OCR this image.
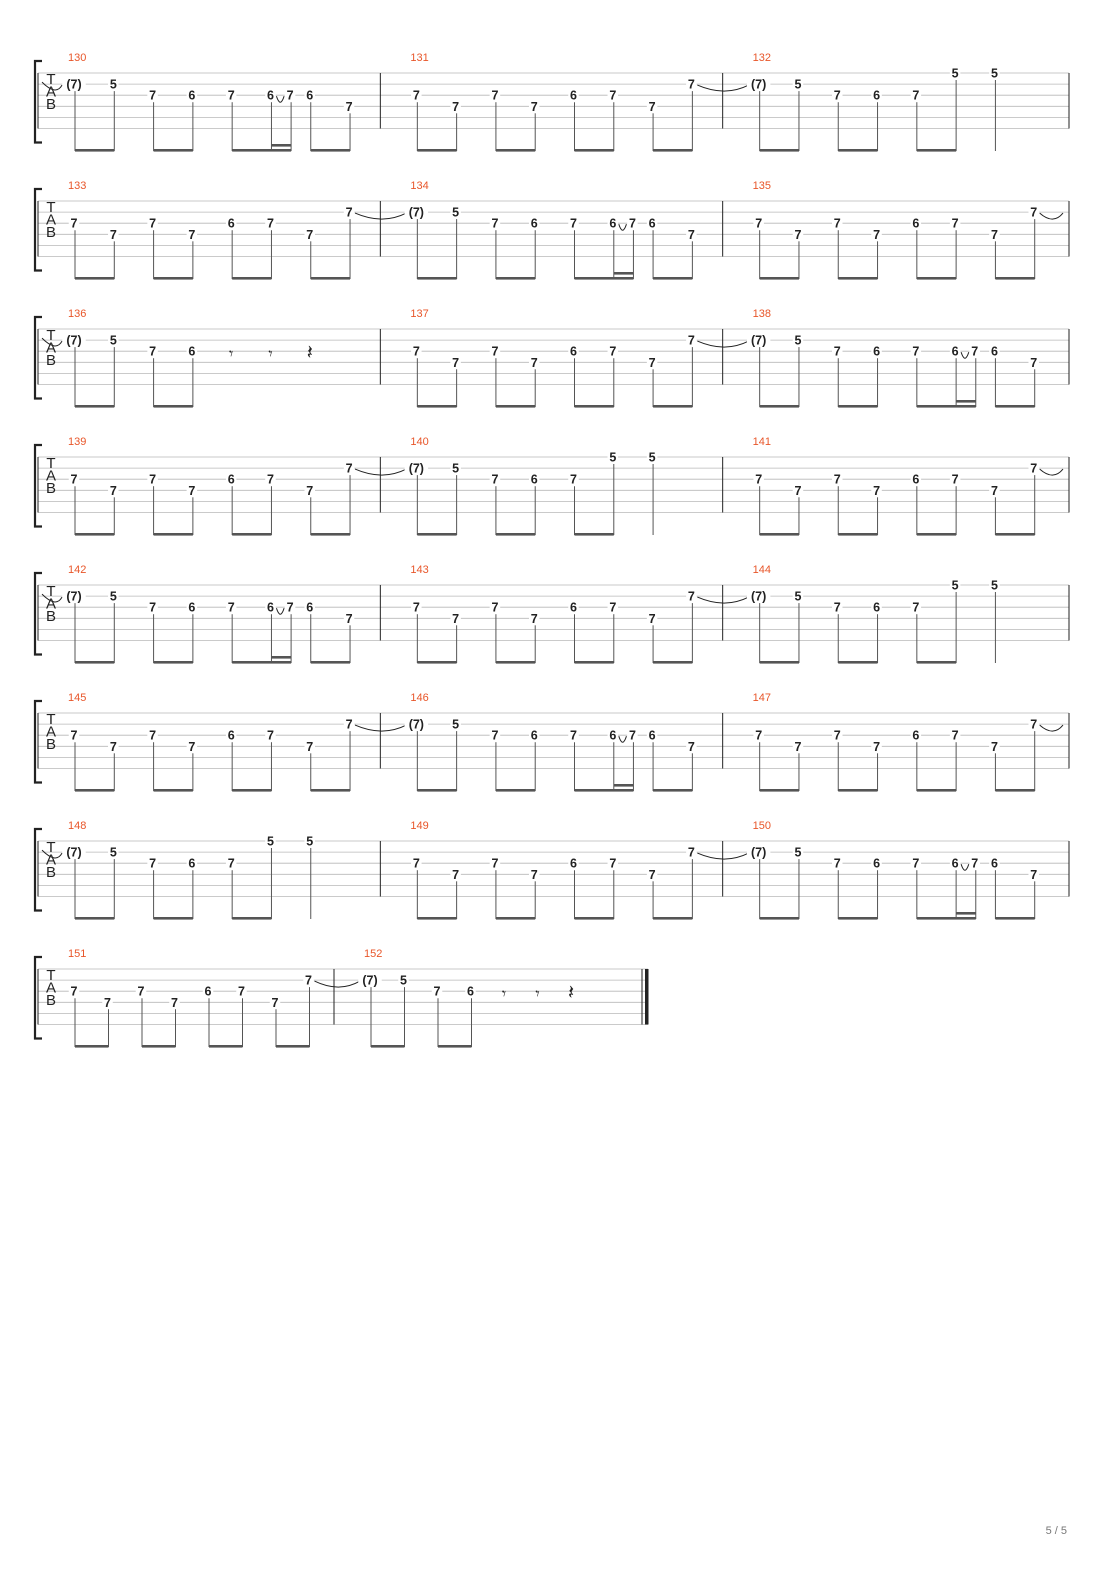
T
A
B
130
(7) 5
7	6	7	6 7 6
7
131
7
7
7
7
6	7
7
7
132
(7) 5
7	6	7
5	5
T
A
B
133
7
7
7
7
6	7
7
7
134
(7) 5
7	6	7	6 7 6
7
135
7
7
7
7
6	7
7
7
T
A
B
136
(7) 5
7	6 𝄾 𝄾 𝄽
137
7
7
7
7
6	7
7
7
138
(7) 5
7	6	7	6 7 6
7
T
A
B
139
7
7
7
7
6	7
7
7
140
(7) 5
7	6	7
5	5
141
7
7
7
7
6	7
7
7
T
A
B
142
(7) 5
7	6	7	6 7 6
7
143
7
7
7
7
6	7
7
7
144
(7) 5
7	6	7
5	5
T
A
B
145
7
7
7
7
6	7
7
7
146
(7) 5
7	6	7	6 7 6
7
147
7
7
7
7
6	7
7
7
T
A
B
148
(7) 5
7	6	7
5	5
149
7
7
7
7
6	7
7
7
150
(7) 5
7	6	7	6 7 6
7
T
A
B
151
7
7
7
7
6 7
7
7
152
(7) 5
7 6 𝄾 𝄾 𝄽
5 / 5
